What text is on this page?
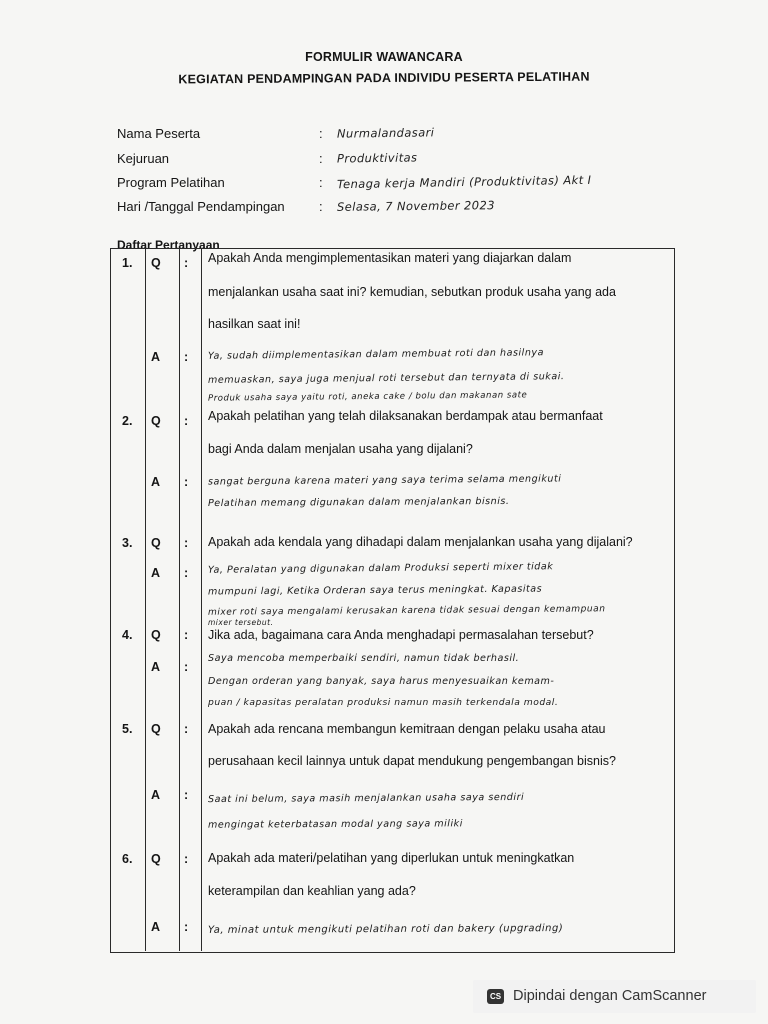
FORMULIR WAWANCARA
KEGIATAN PENDAMPINGAN PADA INDIVIDU PESERTA PELATIHAN
Nama Peserta	: Nurmalandasari
Kejuruan	: Produktivitas
Program Pelatihan	: Tenaga kerja Mandiri (Produktivitas) Akt I
Hari /Tanggal Pendampingan	: Selasa, 7 November 2023
Daftar Pertanyaan
1. Q : Apakah Anda mengimplementasikan materi yang diajarkan dalam
menjalankan usaha saat ini? kemudian, sebutkan produk usaha yang ada
hasilkan saat ini!
A : Ya, sudah diimplementasikan dalam membuat roti dan hasilnya
memuaskan, saya juga menjual roti tersebut dan ternyata di sukai.
Produk usaha saya yaitu roti, aneka cake / bolu dan makanan sate
2. Q : Apakah pelatihan yang telah dilaksanakan berdampak atau bermanfaat
bagi Anda dalam menjalan usaha yang dijalani?
A : sangat berguna karena materi yang saya terima selama mengikuti
Pelatihan memang digunakan dalam menjalankan bisnis.
3. Q : Apakah ada kendala yang dihadapi dalam menjalankan usaha yang dijalani?
A : Ya, Peralatan yang digunakan dalam Produksi seperti mixer tidak
mumpuni lagi, Ketika Orderan saya terus meningkat. Kapasitas
mixer roti saya mengalami kerusakan karena tidak sesuai dengan kemampuan
mixer tersebut.
4. Q : Jika ada, bagaimana cara Anda menghadapi permasalahan tersebut?
A :
Saya mencoba memperbaiki sendiri, namun tidak berhasil.
Dengan orderan yang banyak, saya harus menyesuaikan kemam-
puan / kapasitas peralatan produksi namun masih terkendala modal.
5. Q : Apakah ada rencana membangun kemitraan dengan pelaku usaha atau
perusahaan kecil lainnya untuk dapat mendukung pengembangan bisnis?
A : Saat ini belum, saya masih menjalankan usaha saya sendiri
mengingat keterbatasan modal yang saya miliki
6. Q : Apakah ada materi/pelatihan yang diperlukan untuk meningkatkan
keterampilan dan keahlian yang ada?
A : Ya, minat untuk mengikuti pelatihan roti dan bakery (upgrading)
CS Dipindai dengan CamScanner
